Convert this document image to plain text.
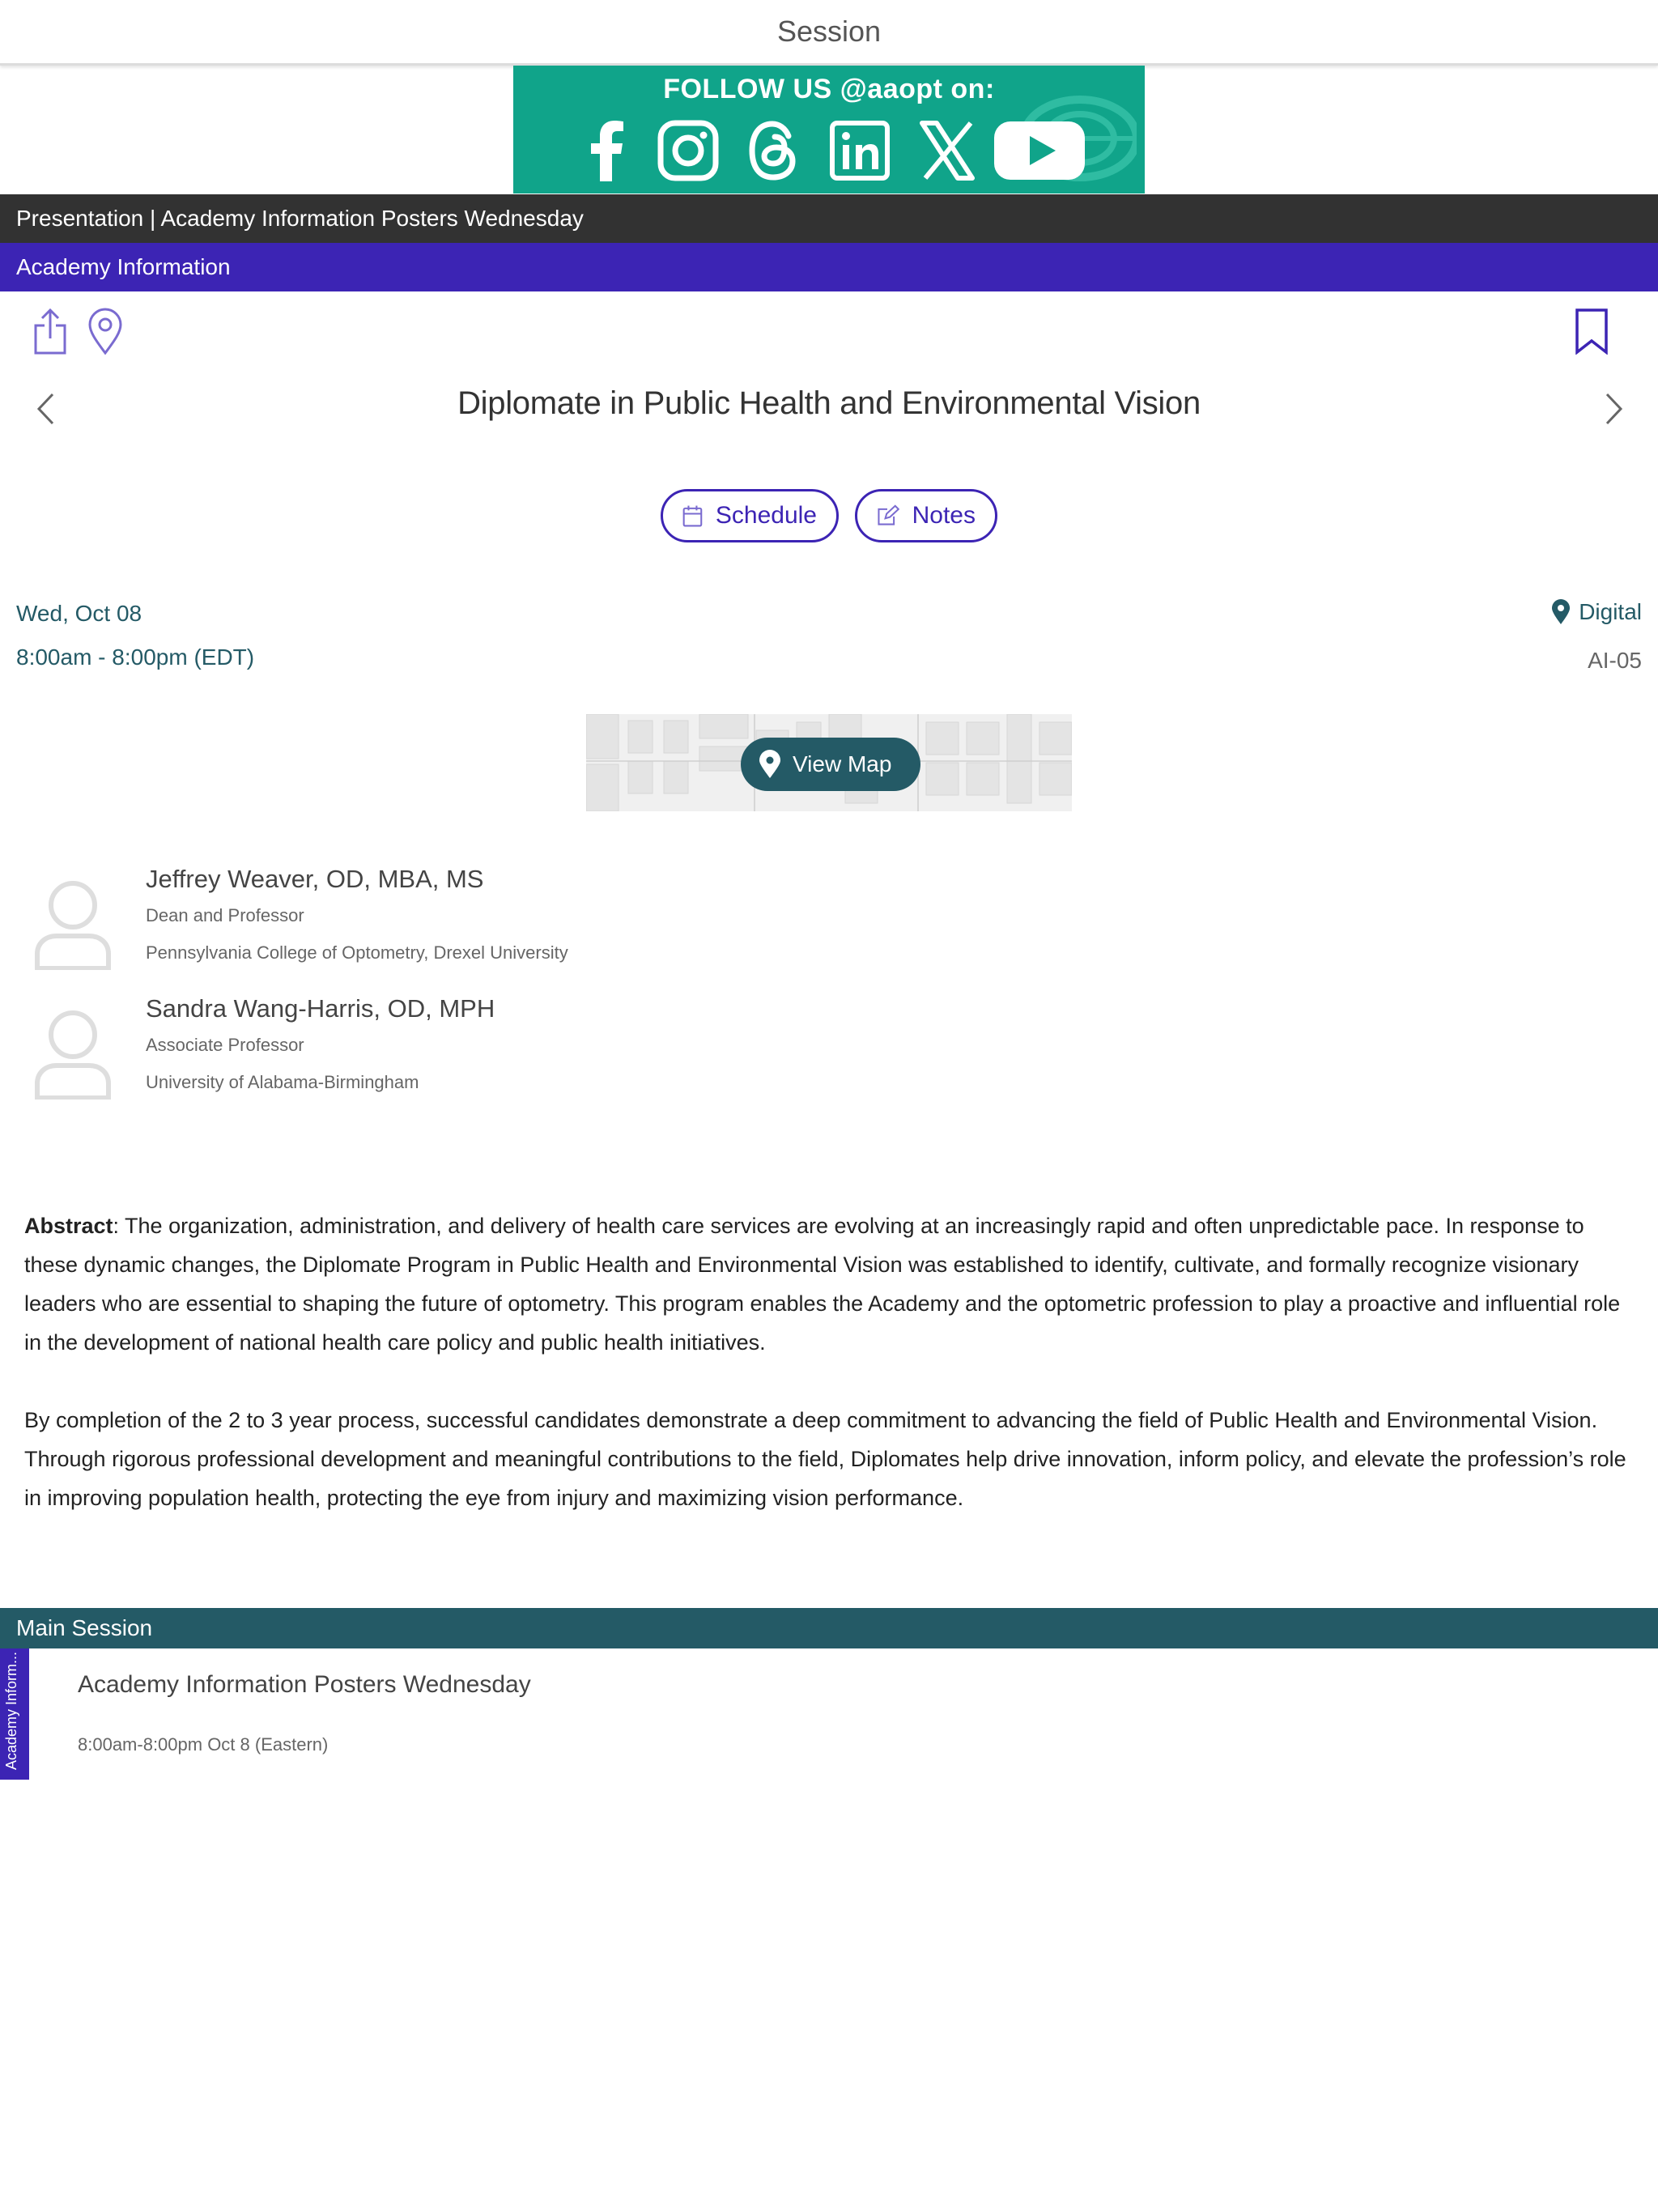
Session
FOLLOW US @aaopt on:
Presentation | Academy Information Posters Wednesday
Academy Information
Diplomate in Public Health and Environmental Vision
Schedule	Notes
Wed, Oct 08
8:00am - 8:00pm (EDT)
Digital
AI-05
View Map
Jeffrey Weaver, OD, MBA, MS
Dean and Professor
Pennsylvania College of Optometry, Drexel University
Sandra Wang-Harris, OD, MPH
Associate Professor
University of Alabama-Birmingham

Abstract: The organization, administration, and delivery of health care services are evolving at an increasingly rapid and often unpredictable pace. In response to these dynamic changes, the Diplomate Program in Public Health and Environmental Vision was established to identify, cultivate, and formally recognize visionary leaders who are essential to shaping the future of optometry. This program enables the Academy and the optometric profession to play a proactive and influential role in the development of national health care policy and public health initiatives.

By completion of the 2 to 3 year process, successful candidates demonstrate a deep commitment to advancing the field of Public Health and Environmental Vision. Through rigorous professional development and meaningful contributions to the field, Diplomates help drive innovation, inform policy, and elevate the profession’s role in improving population health, protecting the eye from injury and maximizing vision performance.

Main Session
Academy Inform... Academy Information Posters Wednesday
8:00am-8:00pm Oct 8 (Eastern)
